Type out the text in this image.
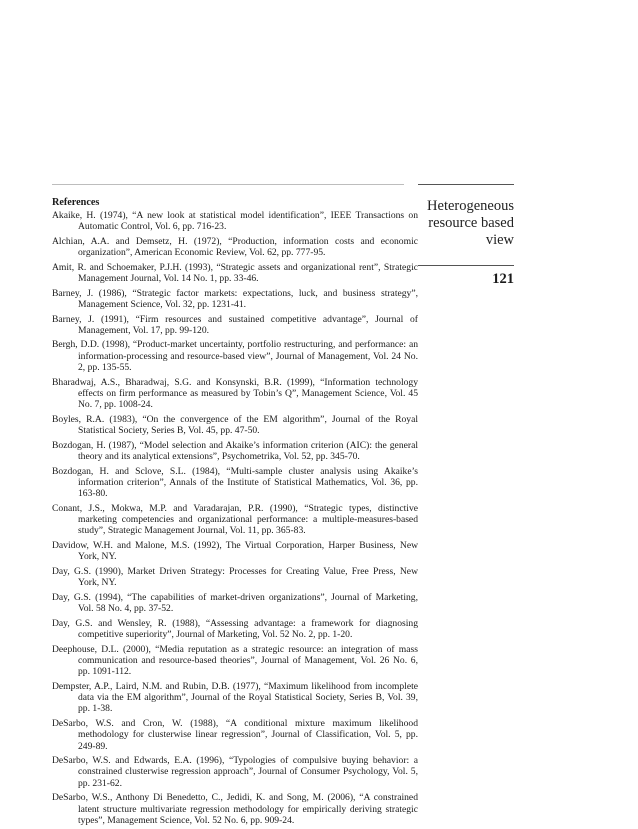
Heterogeneous
resource based
view
121
References
Akaike, H. (1974), “A new look at statistical model identification”, IEEE Transactions on Automatic Control, Vol. 6, pp. 716-23.
Alchian, A.A. and Demsetz, H. (1972), “Production, information costs and economic organization”, American Economic Review, Vol. 62, pp. 777-95.
Amit, R. and Schoemaker, P.J.H. (1993), “Strategic assets and organizational rent”, Strategic Management Journal, Vol. 14 No. 1, pp. 33-46.
Barney, J. (1986), “Strategic factor markets: expectations, luck, and business strategy”, Management Science, Vol. 32, pp. 1231-41.
Barney, J. (1991), “Firm resources and sustained competitive advantage”, Journal of Management, Vol. 17, pp. 99-120.
Bergh, D.D. (1998), “Product-market uncertainty, portfolio restructuring, and performance: an information-processing and resource-based view”, Journal of Management, Vol. 24 No. 2, pp. 135-55.
Bharadwaj, A.S., Bharadwaj, S.G. and Konsynski, B.R. (1999), “Information technology effects on firm performance as measured by Tobin’s Q”, Management Science, Vol. 45 No. 7, pp. 1008-24.
Boyles, R.A. (1983), “On the convergence of the EM algorithm”, Journal of the Royal Statistical Society, Series B, Vol. 45, pp. 47-50.
Bozdogan, H. (1987), “Model selection and Akaike’s information criterion (AIC): the general theory and its analytical extensions”, Psychometrika, Vol. 52, pp. 345-70.
Bozdogan, H. and Sclove, S.L. (1984), “Multi-sample cluster analysis using Akaike’s information criterion”, Annals of the Institute of Statistical Mathematics, Vol. 36, pp. 163-80.
Conant, J.S., Mokwa, M.P. and Varadarajan, P.R. (1990), “Strategic types, distinctive marketing competencies and organizational performance: a multiple-measures-based study”, Strategic Management Journal, Vol. 11, pp. 365-83.
Davidow, W.H. and Malone, M.S. (1992), The Virtual Corporation, Harper Business, New York, NY.
Day, G.S. (1990), Market Driven Strategy: Processes for Creating Value, Free Press, New York, NY.
Day, G.S. (1994), “The capabilities of market-driven organizations”, Journal of Marketing, Vol. 58 No. 4, pp. 37-52.
Day, G.S. and Wensley, R. (1988), “Assessing advantage: a framework for diagnosing competitive superiority”, Journal of Marketing, Vol. 52 No. 2, pp. 1-20.
Deephouse, D.L. (2000), “Media reputation as a strategic resource: an integration of mass communication and resource-based theories”, Journal of Management, Vol. 26 No. 6, pp. 1091-112.
Dempster, A.P., Laird, N.M. and Rubin, D.B. (1977), “Maximum likelihood from incomplete data via the EM algorithm”, Journal of the Royal Statistical Society, Series B, Vol. 39, pp. 1-38.
DeSarbo, W.S. and Cron, W. (1988), “A conditional mixture maximum likelihood methodology for clusterwise linear regression”, Journal of Classification, Vol. 5, pp. 249-89.
DeSarbo, W.S. and Edwards, E.A. (1996), “Typologies of compulsive buying behavior: a constrained clusterwise regression approach”, Journal of Consumer Psychology, Vol. 5, pp. 231-62.
DeSarbo, W.S., Anthony Di Benedetto, C., Jedidi, K. and Song, M. (2006), “A constrained latent structure multivariate regression methodology for empirically deriving strategic types”, Management Science, Vol. 52 No. 6, pp. 909-24.
